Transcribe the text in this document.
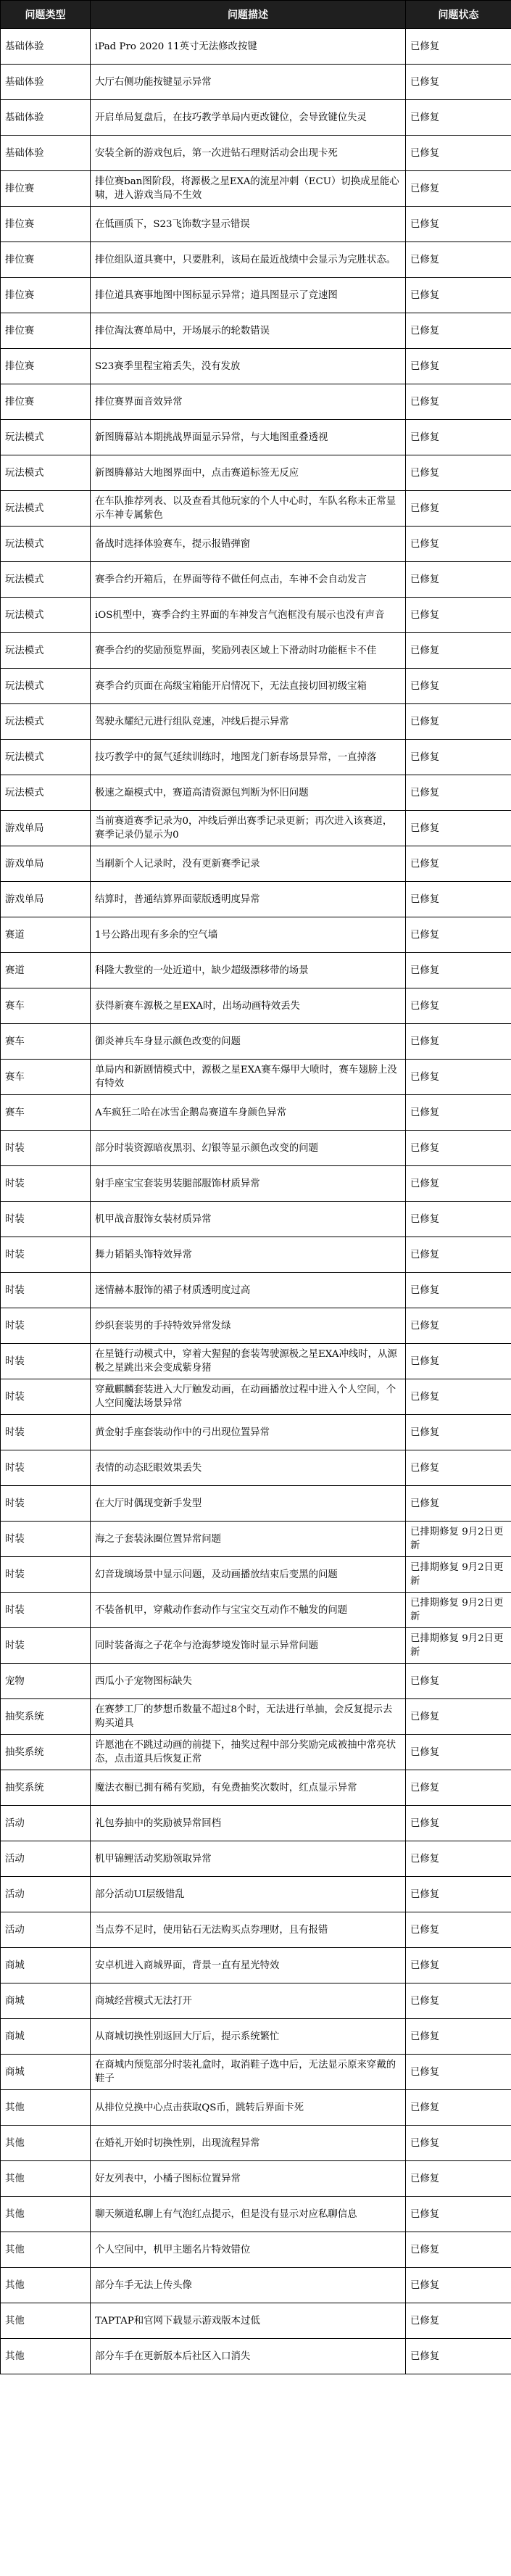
问题类型	问题描述	问题状态
基础体验	iPad Pro 2020 11英寸无法修改按键	已修复
基础体验	大厅右侧功能按键显示异常	已修复
基础体验	开启单局复盘后，在技巧教学单局内更改键位，会导致键位失灵	已修复
基础体验	安装全新的游戏包后，第一次进钻石理财活动会出现卡死	已修复
排位赛	排位赛ban图阶段，将源极之星EXA的流星冲刺（ECU）切换成星能心啸，进入游戏当局不生效	已修复
排位赛	在低画质下，S23飞饰数字显示错误	已修复
排位赛	排位组队道具赛中，只要胜利，该局在最近战绩中会显示为完胜状态。	已修复
排位赛	排位道具赛事地图中图标显示异常；道具图显示了竞速图	已修复
排位赛	排位淘汰赛单局中，开场展示的轮数错误	已修复
排位赛	S23赛季里程宝箱丢失，没有发放	已修复
排位赛	排位赛界面音效异常	已修复
玩法模式	新图腾幕站本期挑战界面显示异常，与大地图重叠透视	已修复
玩法模式	新图腾幕站大地图界面中，点击赛道标签无反应	已修复
玩法模式	在车队推荐列表、以及查看其他玩家的个人中心时，车队名称未正常显示车神专属紫色	已修复
玩法模式	备战时选择体验赛车，提示报错弹窗	已修复
玩法模式	赛季合约开箱后，在界面等待不做任何点击，车神不会自动发言	已修复
玩法模式	iOS机型中，赛季合约主界面的车神发言气泡框没有展示也没有声音	已修复
玩法模式	赛季合约的奖励预览界面，奖励列表区域上下滑动时功能框卡不佳	已修复
玩法模式	赛季合约页面在高级宝箱能开启情况下，无法直接切回初级宝箱	已修复
玩法模式	驾驶永耀纪元进行组队竞速，冲线后提示异常	已修复
玩法模式	技巧教学中的氮气延续训练时，地图龙门新春场景异常，一直掉落	已修复
玩法模式	极速之巅模式中，赛道高清资源包判断为怀旧问题	已修复
游戏单局	当前赛道赛季记录为0，冲线后弹出赛季记录更新；再次进入该赛道，赛季记录仍显示为0	已修复
游戏单局	当刷新个人记录时，没有更新赛季记录	已修复
游戏单局	结算时，普通结算界面蒙版透明度异常	已修复
赛道	1号公路出现有多余的空气墙	已修复
赛道	科隆大教堂的一处近道中，缺少超级漂移带的场景	已修复
赛车	获得新赛车源极之星EXA时，出场动画特效丢失	已修复
赛车	御炎神兵车身显示颜色改变的问题	已修复
赛车	单局内和新剧情模式中，源极之星EXA赛车爆甲大喷时，赛车翅膀上没有特效	已修复
赛车	A车疯狂二哈在冰雪企鹅岛赛道车身颜色异常	已修复
时装	部分时装资源暗夜黑羽、幻银等显示颜色改变的问题	已修复
时装	射手座宝宝套装男装腿部服饰材质异常	已修复
时装	机甲战音服饰女装材质异常	已修复
时装	舞力韬韬头饰特效异常	已修复
时装	迷情赫本服饰的裙子材质透明度过高	已修复
时装	纱织套装男的手持特效异常发绿	已修复
时装	在星链行动模式中，穿着大猩猩的套装驾驶源极之星EXA冲线时，从源极之星跳出来会变成紫身猪	已修复
时装	穿戴麒麟套装进入大厅触发动画，在动画播放过程中进入个人空间，个人空间魔法场景异常	已修复
时装	黄金射手座套装动作中的弓出现位置异常	已修复
时装	表情的动态眨眼效果丢失	已修复
时装	在大厅时偶现变新手发型	已修复
时装	海之子套装泳圈位置异常问题	已排期修复 9月2日更新
时装	幻音珑璃场景中显示问题，及动画播放结束后变黑的问题	已排期修复 9月2日更新
时装	不装备机甲，穿戴动作套动作与宝宝交互动作不触发的问题	已排期修复 9月2日更新
时装	同时装备海之子花伞与沧海梦境发饰时显示异常问题	已排期修复 9月2日更新
宠物	西瓜小子宠物图标缺失	已修复
抽奖系统	在赛梦工厂的梦想币数量不超过8个时，无法进行单抽，会反复提示去购买道具	已修复
抽奖系统	许愿池在不跳过动画的前提下，抽奖过程中部分奖励完成被抽中常亮状态，点击道具后恢复正常	已修复
抽奖系统	魔法衣橱已拥有稀有奖励，有免费抽奖次数时，红点显示异常	已修复
活动	礼包券抽中的奖励被异常回档	已修复
活动	机甲锦鲤活动奖励领取异常	已修复
活动	部分活动UI层级错乱	已修复
活动	当点券不足时，使用钻石无法购买点券理财，且有报错	已修复
商城	安卓机进入商城界面，背景一直有星光特效	已修复
商城	商城经营模式无法打开	已修复
商城	从商城切换性别返回大厅后，提示系统繁忙	已修复
商城	在商城内预览部分时装礼盒时，取消鞋子选中后，无法显示原来穿戴的鞋子	已修复
其他	从排位兑换中心点击获取QS币，跳转后界面卡死	已修复
其他	在婚礼开始时切换性别，出现流程异常	已修复
其他	好友列表中，小橘子图标位置异常	已修复
其他	聊天频道私聊上有气泡红点提示，但是没有显示对应私聊信息	已修复
其他	个人空间中，机甲主题名片特效错位	已修复
其他	部分车手无法上传头像	已修复
其他	TAPTAP和官网下载显示游戏版本过低	已修复
其他	部分车手在更新版本后社区入口消失	已修复
